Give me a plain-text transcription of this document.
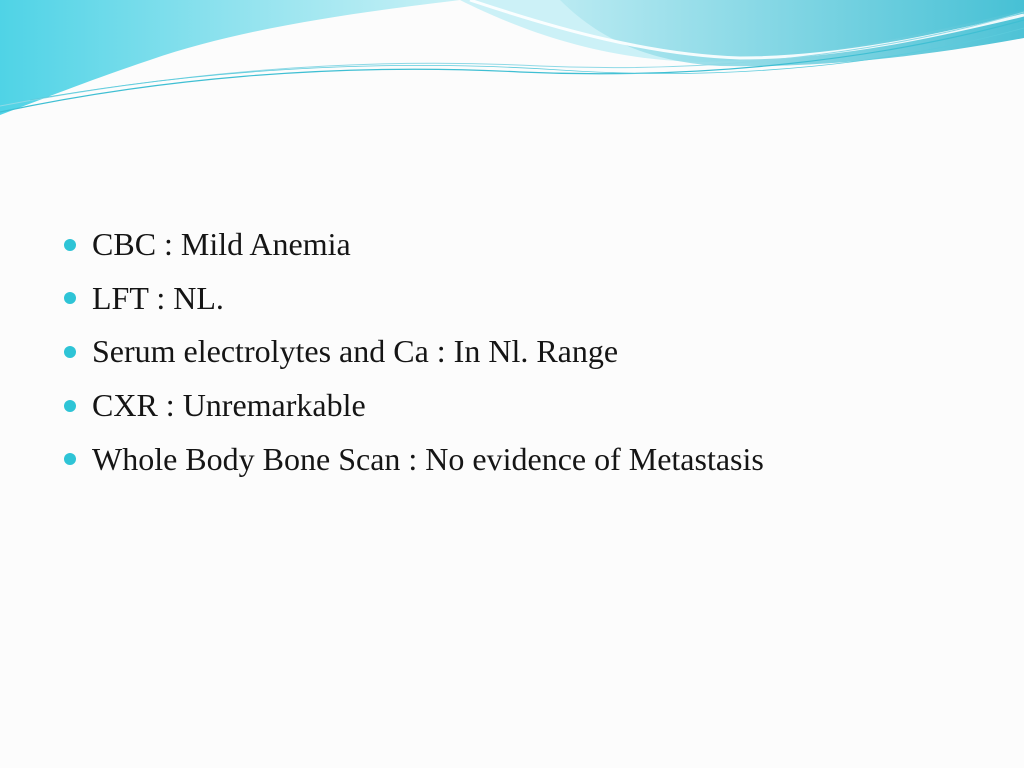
CBC : Mild Anemia
LFT : NL.
Serum electrolytes and Ca : In Nl. Range
CXR : Unremarkable
Whole Body Bone Scan : No evidence of Metastasis
